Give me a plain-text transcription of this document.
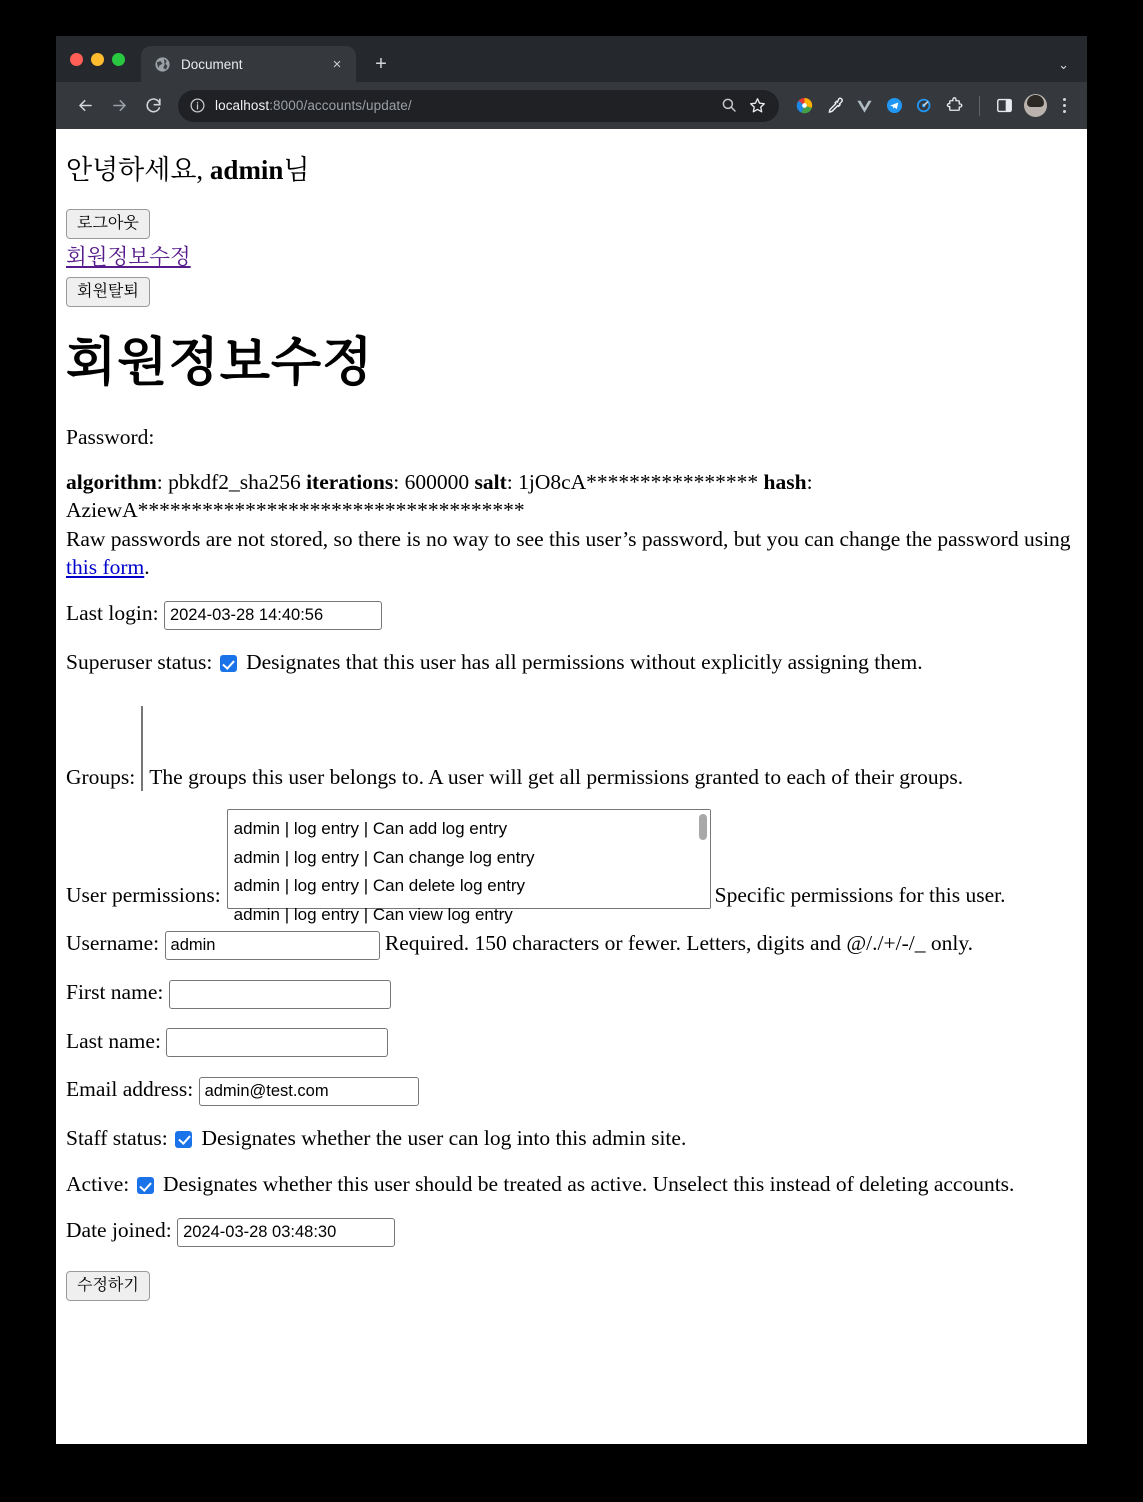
Document	× +	⌄
localhost:8000/accounts/update/
안녕하세요, admin님
로그아웃
회원정보수정
회원탈퇴
회원정보수정

Password:

algorithm: pbkdf2_sha256 iterations: 600000 salt: 1jO8cA**************** hash: AziewA************************************

Raw passwords are not stored, so there is no way to see this user’s password, but you can change the password using this form.

Last login: 2024-03-28 14:40:56
Superuser status: Designates that this user has all permissions without explicitly assigning them.
Groups: The groups this user belongs to. A user will get all permissions granted to each of their groups.
User permissions:
admin | log entry | Can add log entry admin | log entry | Can change log entry admin | log entry | Can delete log entry admin | log entry | Can view log entry
Specific permissions for this user.
Username: admin	Required. 150 characters or fewer. Letters, digits and @/./+/-/_ only.
First name:
Last name:
Email address: admin@test.com
Staff status: Designates whether the user can log into this admin site.
Active: Designates whether this user should be treated as active. Unselect this instead of deleting accounts.
Date joined: 2024-03-28 03:48:30
수정하기
